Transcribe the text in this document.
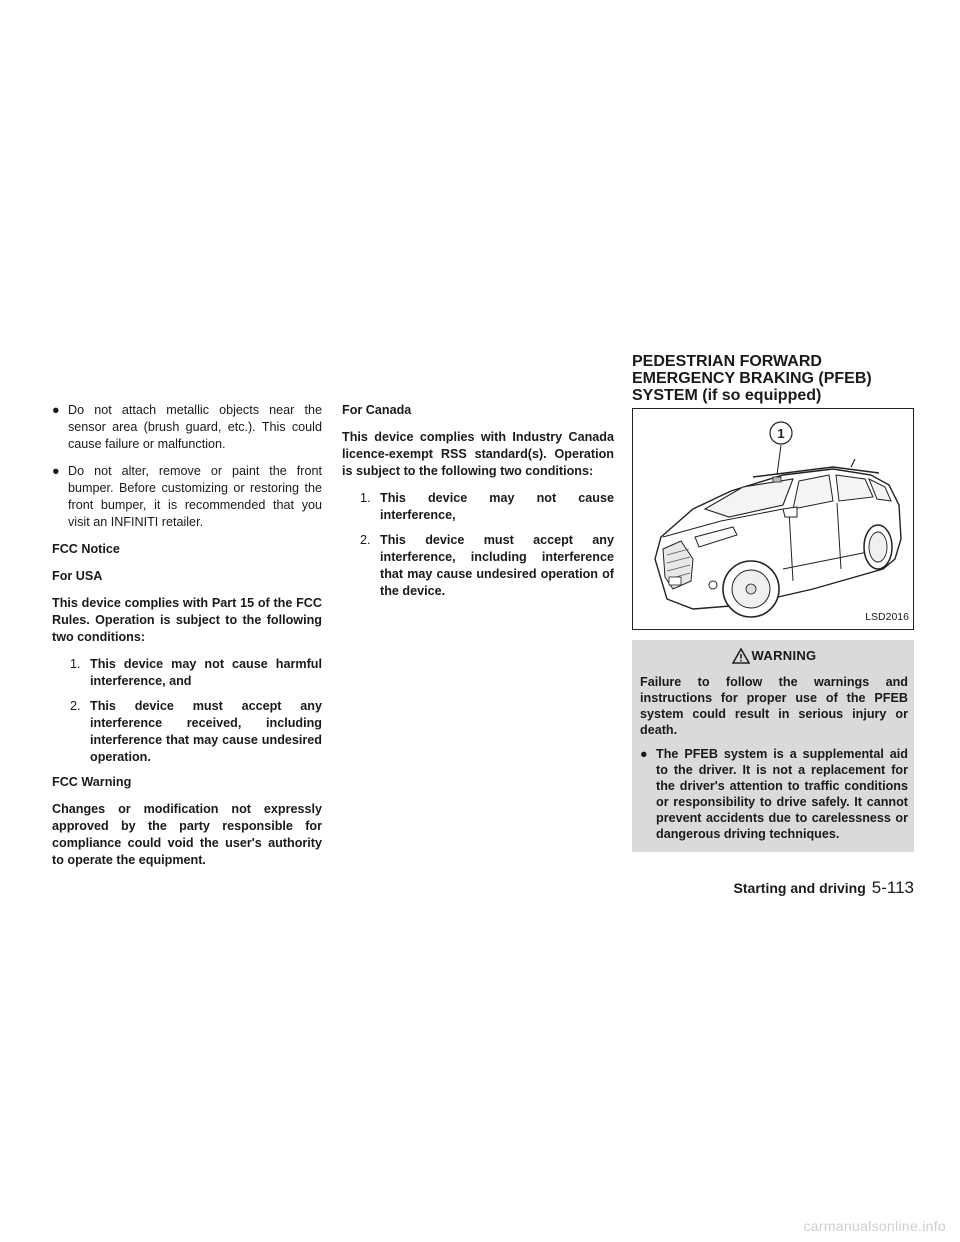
● Do not attach metallic objects near the sensor area (brush guard, etc.). This could cause failure or malfunction.
● Do not alter, remove or paint the front bumper. Before customizing or restoring the front bumper, it is recommended that you visit an INFINITI retailer.

FCC Notice

For USA

This device complies with Part 15 of the FCC Rules. Operation is subject to the following two conditions:

1. This device may not cause harmful interference, and
2. This device must accept any interference received, including interference that may cause undesired operation.

FCC Warning

Changes or modification not expressly approved by the party responsible for compliance could void the user's authority to operate the equipment.

For Canada

This device complies with Industry Canada licence-exempt RSS standard(s). Operation is subject to the following two conditions:

1. This device may not cause interference,
2. This device must accept any interference, including interference that may cause undesired operation of the device.
PEDESTRIAN FORWARD
EMERGENCY BRAKING (PFEB)
SYSTEM (if so equipped)
1
LSD2016
WARNING

Failure to follow the warnings and instructions for proper use of the PFEB system could result in serious injury or death.

● The PFEB system is a supplemental aid to the driver. It is not a replacement for the driver's attention to traffic conditions or responsibility to drive safely. It cannot prevent accidents due to carelessness or dangerous driving techniques.
Starting and driving 5-113
carmanualsonline.info
